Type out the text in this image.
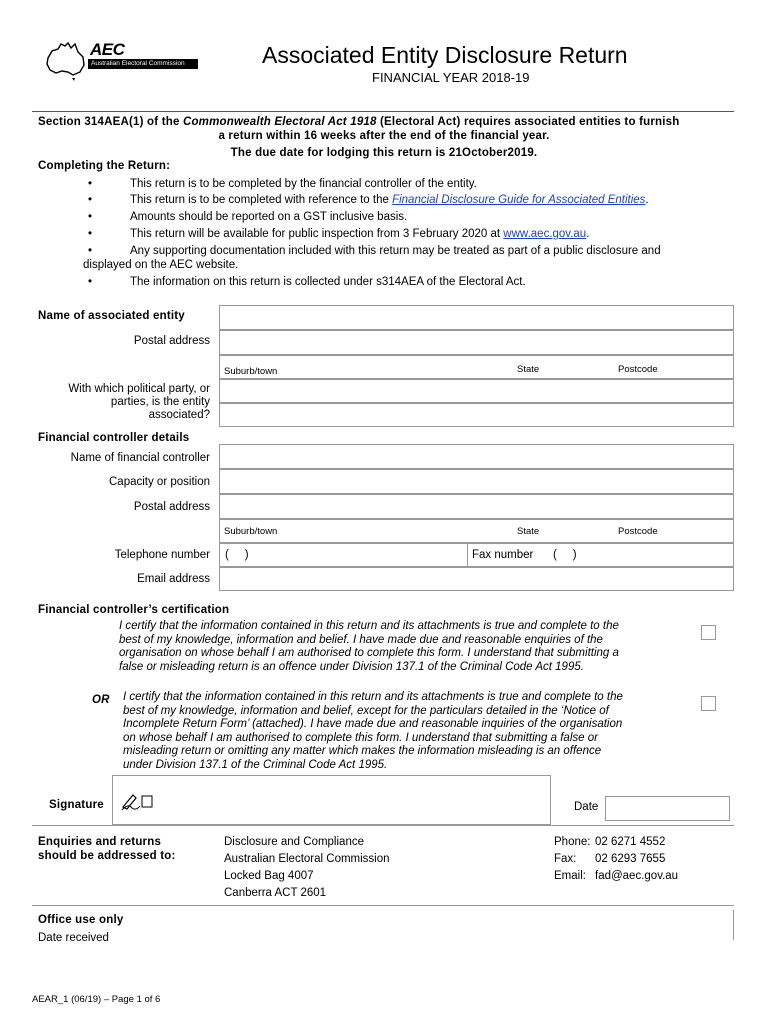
AEC
Australian Electoral Commission	Associated Entity Disclosure Return
FINANCIAL YEAR 2018-19
Section 314AEA(1) of the Commonwealth Electoral Act 1918 (Electoral Act) requires associated entities to furnish
a return within 16 weeks after the end of the financial year.
The due date for lodging this return is 21October2019.
Completing the Return:
•	This return is to be completed by the financial controller of the entity.
•	This return is to be completed with reference to the Financial Disclosure Guide for Associated Entities.
•	Amounts should be reported on a GST inclusive basis.
•	This return will be available for public inspection from 3 February 2020 at www.aec.gov.au.
•	Any supporting documentation included with this return may be treated as part of a public disclosure and
displayed on the AEC website.
•	The information on this return is collected under s314AEA of the Electoral Act.
Name of associated entity
Postal address
Suburb/town	State	Postcode
With which political party, or
parties, is the entity
associated?
Financial controller details
Name of financial controller
Capacity or position
Postal address
Suburb/town	State	Postcode
Telephone number (     )	Fax number (     )
Email address
Financial controller’s certification
I certify that the information contained in this return and its attachments is true and complete to the
best of my knowledge, information and belief. I have made due and reasonable enquiries of the
organisation on whose behalf I am authorised to complete this form. I understand that submitting a
false or misleading return is an offence under Division 137.1 of the Criminal Code Act 1995.
OR I certify that the information contained in this return and its attachments is true and complete to the
best of my knowledge, information and belief, except for the particulars detailed in the ‘Notice of
Incomplete Return Form’ (attached). I have made due and reasonable inquiries of the organisation
on whose behalf I am authorised to complete this form. I understand that submitting a false or
misleading return or omitting any matter which makes the information misleading is an offence
under Division 137.1 of the Criminal Code Act 1995.
Signature	Date
Enquiries and returns
should be addressed to:
Disclosure and Compliance
Australian Electoral Commission
Locked Bag 4007
Canberra ACT 2601
Phone: 02 6271 4552
Fax: 02 6293 7655
Email: fad@aec.gov.au
Office use only
Date received
AEAR_1 (06/19) – Page 1 of 6
